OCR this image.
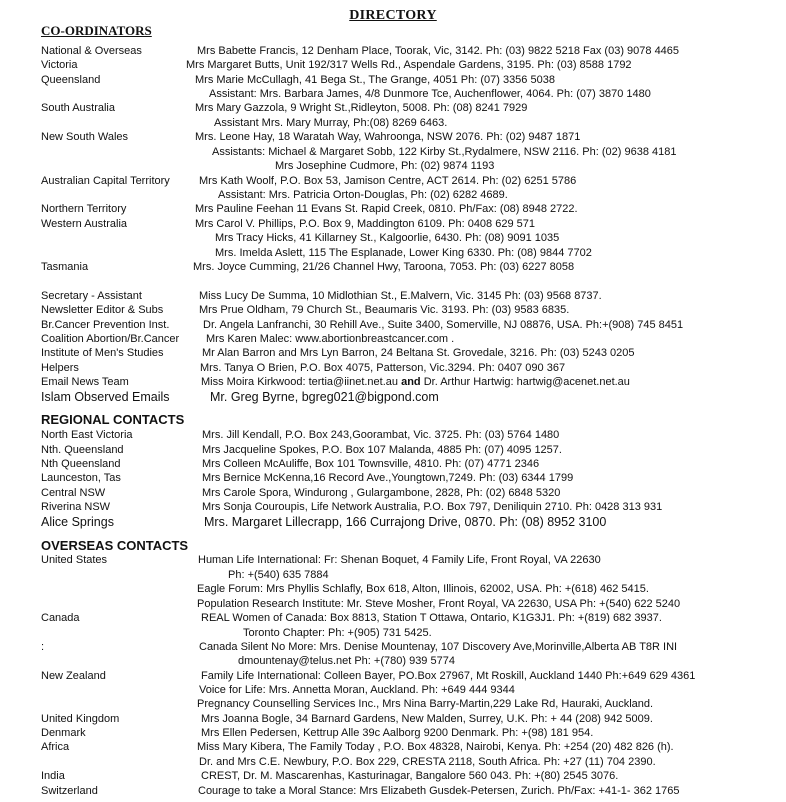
DIRECTORY
CO-ORDINATORS
REGIONAL CONTACTS
OVERSEAS CONTACTS
National & Overseas	Mrs Babette Francis, 12 Denham Place, Toorak, Vic, 3142. Ph: (03) 9822 5218 Fax (03) 9078 4465
Victoria	Mrs Margaret Butts, Unit 192/317 Wells Rd., Aspendale Gardens, 3195. Ph: (03) 8588 1792
Queensland	Mrs Marie McCullagh, 41 Bega St., The Grange, 4051 Ph: (07) 3356 5038
Assistant: Mrs. Barbara James, 4/8 Dunmore Tce, Auchenflower, 4064. Ph: (07) 3870 1480
South Australia	Mrs Mary Gazzola, 9 Wright St.,Ridleyton, 5008. Ph: (08) 8241 7929
Assistant Mrs. Mary Murray, Ph:(08) 8269 6463.
New South Wales	Mrs. Leone Hay, 18 Waratah Way, Wahroonga, NSW 2076. Ph: (02) 9487 1871
Assistants: Michael & Margaret Sobb, 122 Kirby St.,Rydalmere, NSW 2116. Ph: (02) 9638 4181
Mrs Josephine Cudmore, Ph: (02) 9874 1193
Australian Capital Territory	Mrs Kath Woolf, P.O. Box 53, Jamison Centre, ACT 2614. Ph: (02) 6251 5786
Assistant: Mrs. Patricia Orton-Douglas, Ph: (02) 6282 4689.
Northern Territory	Mrs Pauline Feehan 11 Evans St. Rapid Creek, 0810. Ph/Fax: (08) 8948 2722.
Western Australia	Mrs Carol V. Phillips, P.O. Box 9, Maddington 6109. Ph: 0408 629 571
Mrs Tracy Hicks, 41 Killarney St., Kalgoorlie, 6430. Ph: (08) 9091 1035
Mrs. Imelda Aslett, 115 The Esplanade, Lower King 6330. Ph: (08) 9844 7702
Tasmania	Mrs. Joyce Cumming, 21/26 Channel Hwy, Taroona, 7053. Ph: (03) 6227 8058
Secretary - Assistant	Miss Lucy De Summa, 10 Midlothian St., E.Malvern, Vic. 3145 Ph: (03) 9568 8737.
Newsletter Editor & Subs	Mrs Prue Oldham, 79 Church St., Beaumaris Vic. 3193. Ph: (03) 9583 6835.
Br.Cancer Prevention Inst.	Dr. Angela Lanfranchi, 30 Rehill Ave., Suite 3400, Somerville, NJ 08876, USA. Ph:+(908) 745 8451
Coalition Abortion/Br.Cancer Mrs Karen Malec: www.abortionbreastcancer.com .
Institute of Men's Studies	Mr Alan Barron and Mrs Lyn Barron, 24 Beltana St. Grovedale, 3216. Ph: (03) 5243 0205
Helpers	Mrs. Tanya O Brien, P.O. Box 4075, Patterson, Vic.3294. Ph: 0407 090 367
Email News Team	Miss Moira Kirkwood: tertia@iinet.net.au and Dr. Arthur Hartwig: hartwig@acenet.net.au
Islam Observed Emails	Mr. Greg Byrne, bgreg021@bigpond.com
North East Victoria	Mrs. Jill Kendall, P.O. Box 243,Goorambat, Vic. 3725. Ph: (03) 5764 1480
Nth. Queensland	Mrs Jacqueline Spokes, P.O. Box 107 Malanda, 4885 Ph: (07) 4095 1257.
Nth Queensland	Mrs Colleen McAuliffe, Box 101 Townsville, 4810. Ph: (07) 4771 2346
Launceston, Tas	Mrs Bernice McKenna,16 Record Ave.,Youngtown,7249. Ph: (03) 6344 1799
Central NSW	Mrs Carole Spora, Windurong , Gulargambone, 2828, Ph: (02) 6848 5320
Riverina NSW	Mrs Sonja Couroupis, Life Network Australia, P.O. Box 797, Deniliquin 2710. Ph: 0428 313 931
Alice Springs	Mrs. Margaret Lillecrapp, 166 Currajong Drive, 0870. Ph: (08) 8952 3100
United States	Human Life International: Fr: Shenan Boquet, 4 Family Life, Front Royal, VA 22630
Ph: +(540) 635 7884
Eagle Forum: Mrs Phyllis Schlafly, Box 618, Alton, Illinois, 62002, USA. Ph: +(618) 462 5415.
Population Research Institute: Mr. Steve Mosher, Front Royal, VA 22630, USA Ph: +(540) 622 5240
Canada	REAL Women of Canada: Box 8813, Station T Ottawa, Ontario, K1G3J1. Ph: +(819) 682 3937.
Toronto Chapter: Ph: +(905) 731 5425.
:	Canada Silent No More: Mrs. Denise Mountenay, 107 Discovery Ave,Morinville,Alberta AB T8R INI
dmountenay@telus.net Ph: +(780) 939 5774
New Zealand	Family Life International: Colleen Bayer, PO.Box 27967, Mt Roskill, Auckland 1440 Ph:+649 629 4361
Voice for Life: Mrs. Annetta Moran, Auckland. Ph: +649 444 9344
Pregnancy Counselling Services Inc., Mrs Nina Barry-Martin,229 Lake Rd, Hauraki, Auckland.
United Kingdom	Mrs Joanna Bogle, 34 Barnard Gardens, New Malden, Surrey, U.K. Ph: + 44 (208) 942 5009.
Denmark	Mrs Ellen Pedersen, Kettrup Alle 39c Aalborg 9200 Denmark. Ph: +(98) 181 954.
Africa	Miss Mary Kibera, The Family Today , P.O. Box 48328, Nairobi, Kenya. Ph: +254 (20) 482 826 (h).
Dr. and Mrs C.E. Newbury, P.O. Box 229, CRESTA 2118, South Africa. Ph: +27 (11) 704 2390.
India	CREST, Dr. M. Mascarenhas, Kasturinagar, Bangalore 560 043. Ph: +(80) 2545 3076.
Switzerland	Courage to take a Moral Stance: Mrs Elizabeth Gusdek-Petersen, Zurich. Ph/Fax: +41-1- 362 1765
